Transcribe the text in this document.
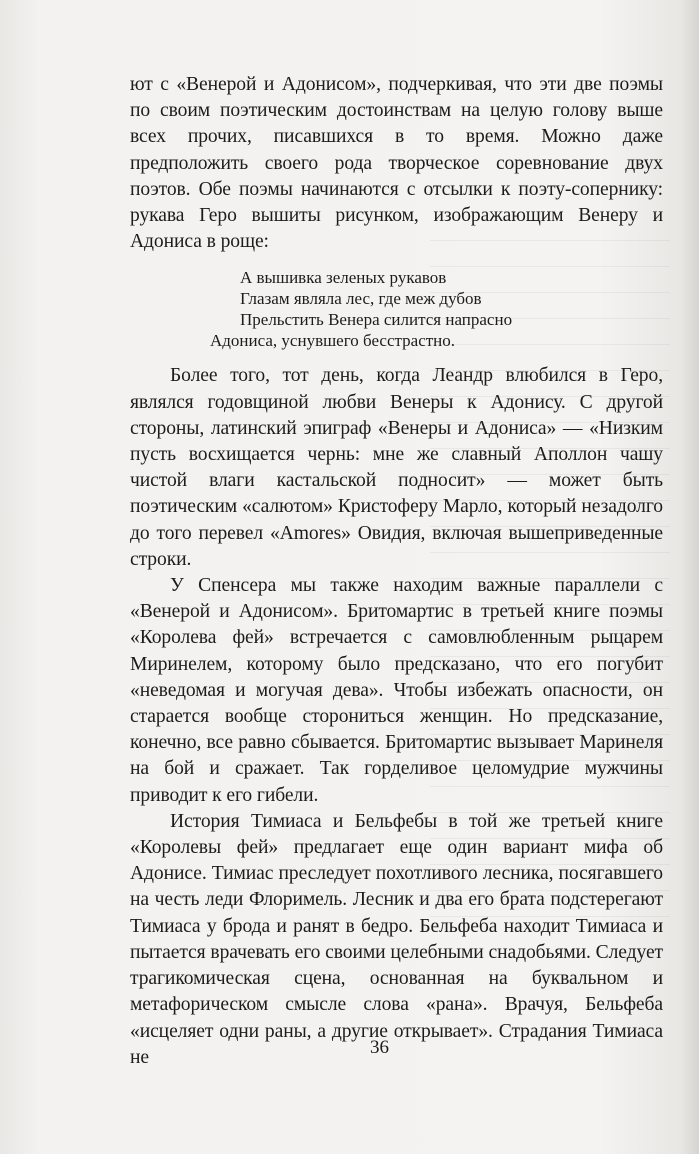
ют с «Венерой и Адонисом», подчеркивая, что эти две поэмы по своим поэтическим достоинствам на целую голову выше всех прочих, писавшихся в то время. Можно даже предположить своего рода творческое соревнование двух поэтов. Обе поэмы начинаются с отсылки к поэту-сопернику: рукава Геро вышиты рисунком, изображающим Венеру и Адониса в роще:

А вышивка зеленых рукавов
Глазам являла лес, где меж дубов
Прельстить Венера силится напрасно
Адониса, уснувшего бесстрастно.

Более того, тот день, когда Леандр влюбился в Геро, являлся годовщиной любви Венеры к Адонису. С другой стороны, латинский эпиграф «Венеры и Адониса» — «Низким пусть восхищается чернь: мне же славный Аполлон чашу чистой влаги кастальской подносит» — может быть поэтическим «салютом» Кристоферу Марло, который незадолго до того перевел «Amores» Овидия, включая вышеприведенные строки.

У Спенсера мы также находим важные параллели с «Венерой и Адонисом». Бритомартис в третьей книге поэмы «Королева фей» встречается с самовлюбленным рыцарем Миринелем, которому было предсказано, что его погубит «неведомая и могучая дева». Чтобы избежать опасности, он старается вообще сторониться женщин. Но предсказание, конечно, все равно сбывается. Бритомартис вызывает Маринеля на бой и сражает. Так горделивое целомудрие мужчины приводит к его гибели.

История Тимиаса и Бельфебы в той же третьей книге «Королевы фей» предлагает еще один вариант мифа об Адонисе. Тимиас преследует похотливого лесника, посягавшего на честь леди Флоримель. Лесник и два его брата подстерегают Тимиаса у брода и ранят в бедро. Бельфеба находит Тимиаса и пытается врачевать его своими целебными снадобьями. Следует трагикомическая сцена, основанная на буквальном и метафорическом смысле слова «рана». Врачуя, Бельфеба «исцеляет одни раны, а другие открывает». Страдания Тимиаса не	36
